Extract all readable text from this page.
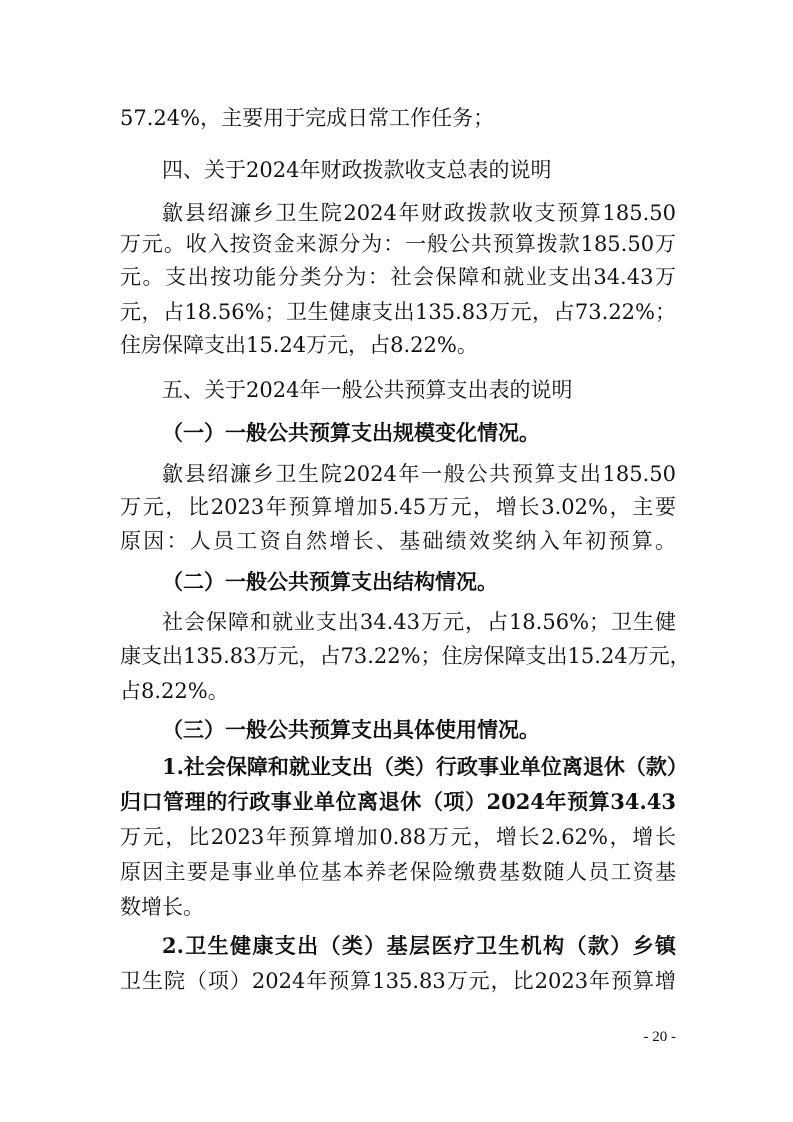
57.24%，主要用于完成日常工作任务；
四、关于2024年财政拨款收支总表的说明
歙县绍濂乡卫生院2024年财政拨款收支预算185.50
万元。收入按资金来源分为：一般公共预算拨款185.50万
元。支出按功能分类分为：社会保障和就业支出34.43万
元，占18.56%；卫生健康支出135.83万元，占73.22%；
住房保障支出15.24万元，占8.22%。
五、关于2024年一般公共预算支出表的说明
（一）一般公共预算支出规模变化情况。
歙县绍濂乡卫生院2024年一般公共预算支出185.50
万元，比2023年预算增加5.45万元，增长3.02%，主要
原因：人员工资自然增长、基础绩效奖纳入年初预算。
（二）一般公共预算支出结构情况。
社会保障和就业支出34.43万元，占18.56%；卫生健
康支出135.83万元，占73.22%；住房保障支出15.24万元，
占8.22%。
（三）一般公共预算支出具体使用情况。
1.社会保障和就业支出（类）行政事业单位离退休（款）
归口管理的行政事业单位离退休（项）2024年预算34.43
万元，比2023年预算增加0.88万元，增长2.62%，增长
原因主要是事业单位基本养老保险缴费基数随人员工资基
数增长。
2.卫生健康支出（类）基层医疗卫生机构（款）乡镇
卫生院（项）2024年预算135.83万元，比2023年预算增
- 20 -
